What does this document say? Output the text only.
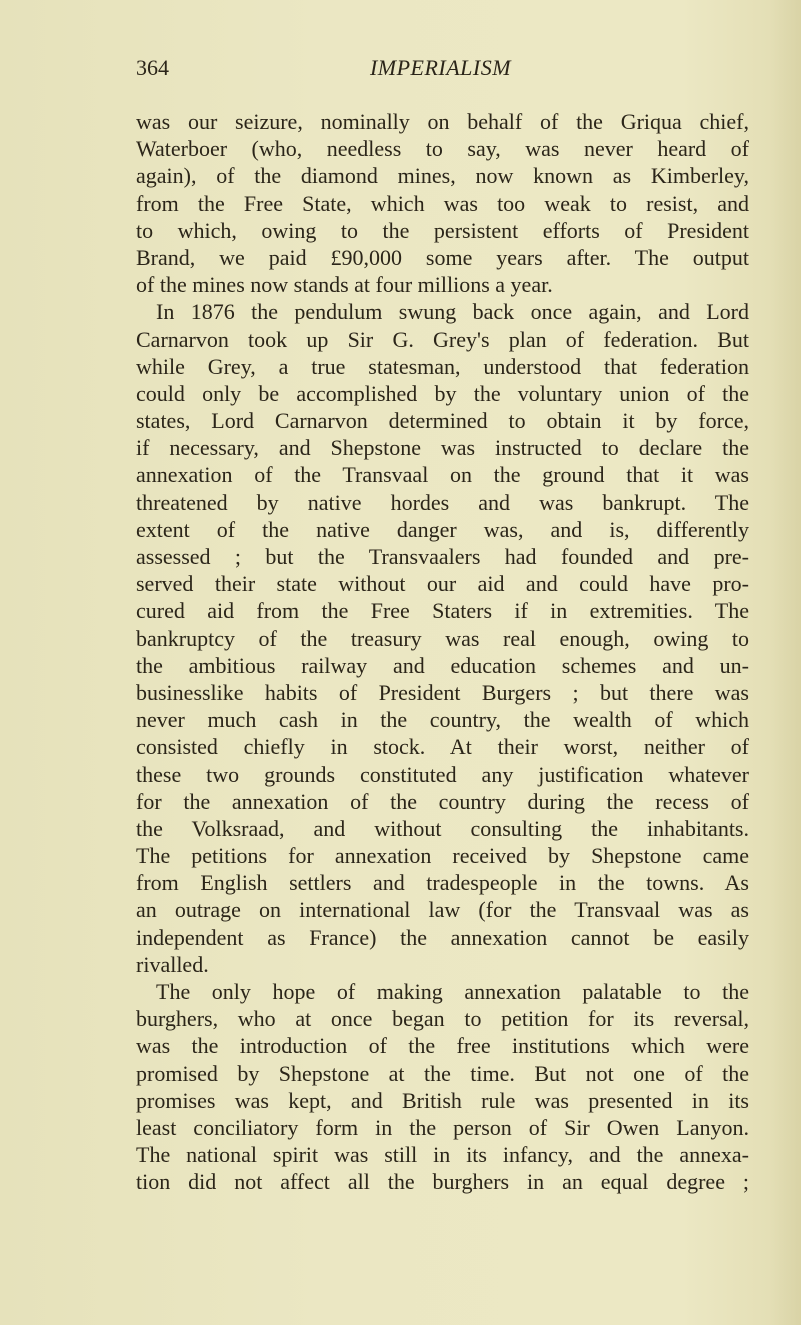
364	IMPERIALISM
was our seizure, nominally on behalf of the Griqua chief,
Waterboer (who, needless to say, was never heard of
again), of the diamond mines, now known as Kimberley,
from the Free State, which was too weak to resist, and
to which, owing to the persistent efforts of President
Brand, we paid £90,000 some years after. The output
of the mines now stands at four millions a year.
In 1876 the pendulum swung back once again, and Lord
Carnarvon took up Sir G. Grey's plan of federation. But
while Grey, a true statesman, understood that federation
could only be accomplished by the voluntary union of the
states, Lord Carnarvon determined to obtain it by force,
if necessary, and Shepstone was instructed to declare the
annexation of the Transvaal on the ground that it was
threatened by native hordes and was bankrupt. The
extent of the native danger was, and is, differently
assessed ; but the Transvaalers had founded and pre-
served their state without our aid and could have pro-
cured aid from the Free Staters if in extremities. The
bankruptcy of the treasury was real enough, owing to
the ambitious railway and education schemes and un-
businesslike habits of President Burgers ; but there was
never much cash in the country, the wealth of which
consisted chiefly in stock. At their worst, neither of
these two grounds constituted any justification whatever
for the annexation of the country during the recess of
the Volksraad, and without consulting the inhabitants.
The petitions for annexation received by Shepstone came
from English settlers and tradespeople in the towns. As
an outrage on international law (for the Transvaal was as
independent as France) the annexation cannot be easily
rivalled.
The only hope of making annexation palatable to the
burghers, who at once began to petition for its reversal,
was the introduction of the free institutions which were
promised by Shepstone at the time. But not one of the
promises was kept, and British rule was presented in its
least conciliatory form in the person of Sir Owen Lanyon.
The national spirit was still in its infancy, and the annexa-
tion did not affect all the burghers in an equal degree ;
